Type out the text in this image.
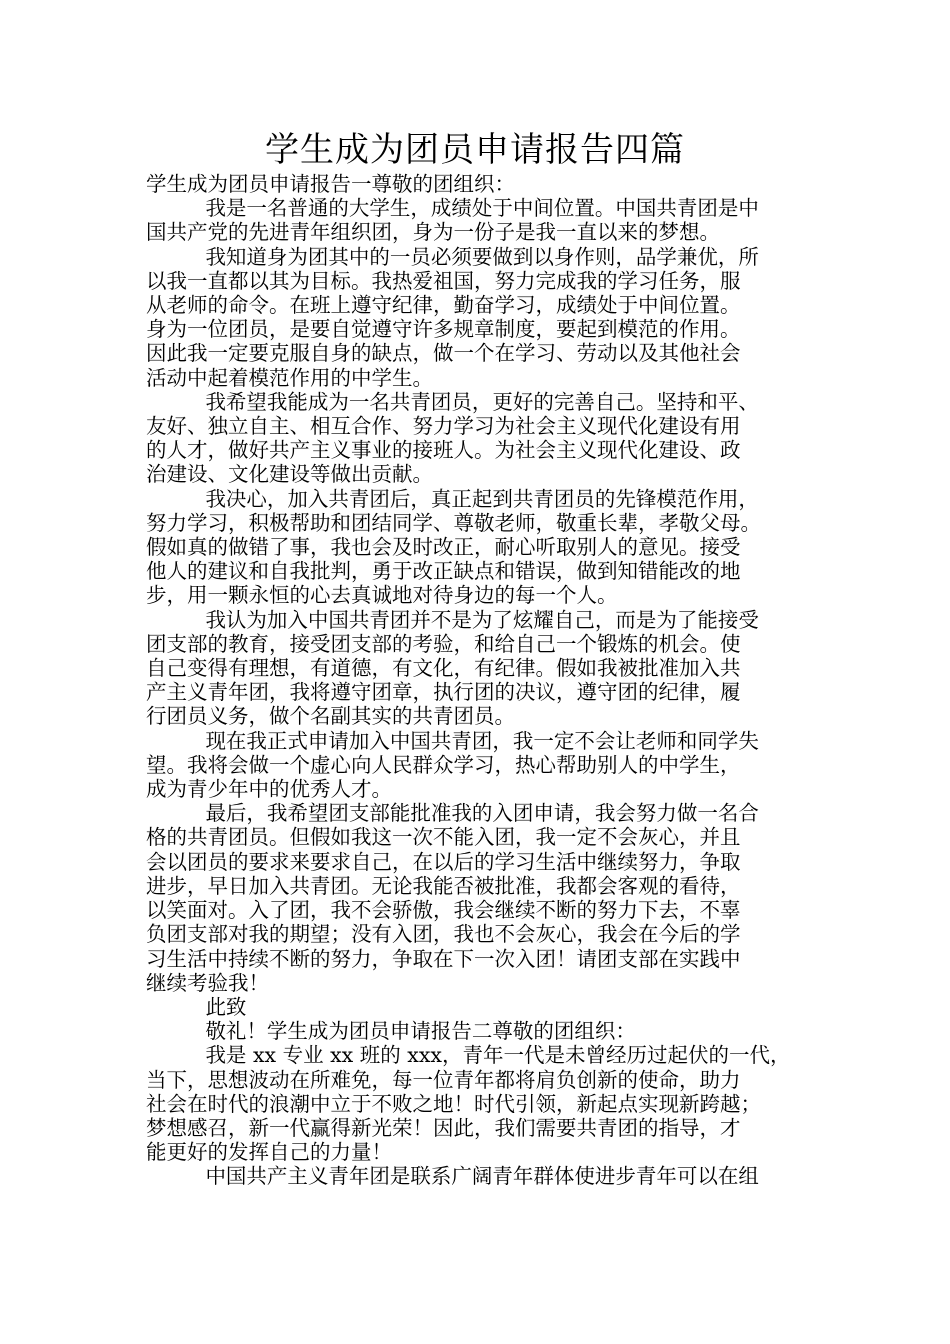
学生成为团员申请报告四篇
学生成为团员申请报告一尊敬的团组织：
我是一名普通的大学生，成绩处于中间位置。中国共青团是中
国共产党的先进青年组织团，身为一份子是我一直以来的梦想。
我知道身为团其中的一员必须要做到以身作则，品学兼优，所
以我一直都以其为目标。我热爱祖国，努力完成我的学习任务，服
从老师的命令。在班上遵守纪律，勤奋学习，成绩处于中间位置。
身为一位团员，是要自觉遵守许多规章制度，要起到模范的作用。
因此我一定要克服自身的缺点，做一个在学习、劳动以及其他社会
活动中起着模范作用的中学生。
我希望我能成为一名共青团员，更好的完善自己。坚持和平、
友好、独立自主、相互合作、努力学习为社会主义现代化建设有用
的人才，做好共产主义事业的接班人。为社会主义现代化建设、政
治建设、文化建设等做出贡献。
我决心，加入共青团后，真正起到共青团员的先锋模范作用，
努力学习，积极帮助和团结同学、尊敬老师，敬重长辈，孝敬父母。
假如真的做错了事，我也会及时改正，耐心听取别人的意见。接受
他人的建议和自我批判，勇于改正缺点和错误，做到知错能改的地
步，用一颗永恒的心去真诚地对待身边的每一个人。
我认为加入中国共青团并不是为了炫耀自己，而是为了能接受
团支部的教育，接受团支部的考验，和给自己一个锻炼的机会。使
自己变得有理想，有道德，有文化，有纪律。假如我被批准加入共
产主义青年团，我将遵守团章，执行团的决议，遵守团的纪律，履
行团员义务，做个名副其实的共青团员。
现在我正式申请加入中国共青团，我一定不会让老师和同学失
望。我将会做一个虚心向人民群众学习，热心帮助别人的中学生，
成为青少年中的优秀人才。
最后，我希望团支部能批准我的入团申请，我会努力做一名合
格的共青团员。但假如我这一次不能入团，我一定不会灰心，并且
会以团员的要求来要求自己，在以后的学习生活中继续努力，争取
进步，早日加入共青团。无论我能否被批准，我都会客观的看待，
以笑面对。入了团，我不会骄傲，我会继续不断的努力下去，不辜
负团支部对我的期望；没有入团，我也不会灰心，我会在今后的学
习生活中持续不断的努力，争取在下一次入团！请团支部在实践中
继续考验我！
此致
敬礼！学生成为团员申请报告二尊敬的团组织：
我是 xx 专业 xx 班的 xxx，青年一代是未曾经历过起伏的一代，
当下，思想波动在所难免，每一位青年都将肩负创新的使命，助力
社会在时代的浪潮中立于不败之地！时代引领，新起点实现新跨越；
梦想感召，新一代赢得新光荣！因此，我们需要共青团的指导，才
能更好的发挥自己的力量！
中国共产主义青年团是联系广阔青年群体使进步青年可以在组
